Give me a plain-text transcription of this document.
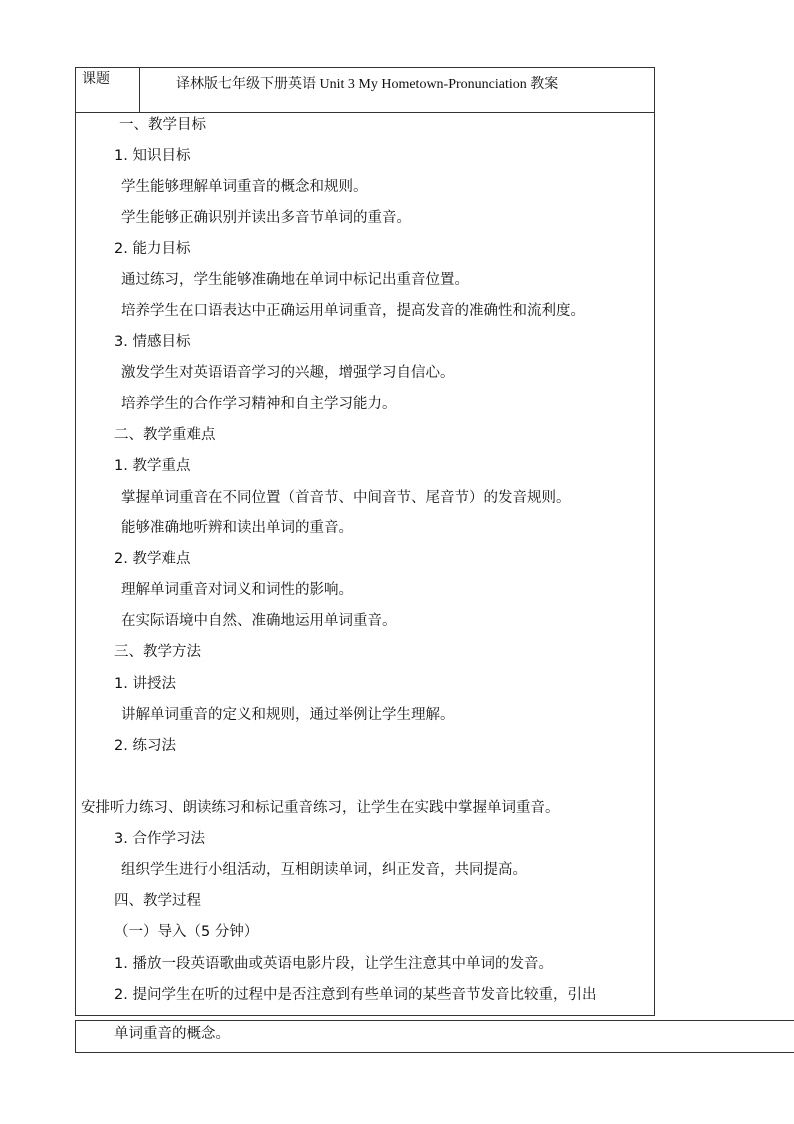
课题	译林版七年级下册英语 Unit 3 My Hometown-Pronunciation 教案
一、教学目标
1. 知识目标
学生能够理解单词重音的概念和规则。
学生能够正确识别并读出多音节单词的重音。
2. 能力目标
通过练习，学生能够准确地在单词中标记出重音位置。
培养学生在口语表达中正确运用单词重音，提高发音的准确性和流利度。
3. 情感目标
激发学生对英语语音学习的兴趣，增强学习自信心。
培养学生的合作学习精神和自主学习能力。
二、教学重难点
1. 教学重点
掌握单词重音在不同位置（首音节、中间音节、尾音节）的发音规则。
能够准确地听辨和读出单词的重音。
2. 教学难点
理解单词重音对词义和词性的影响。
在实际语境中自然、准确地运用单词重音。
三、教学方法
1. 讲授法
讲解单词重音的定义和规则，通过举例让学生理解。
2. 练习法
安排听力练习、朗读练习和标记重音练习，让学生在实践中掌握单词重音。
3. 合作学习法
组织学生进行小组活动，互相朗读单词，纠正发音，共同提高。
四、教学过程
（一）导入（5 分钟）
1. 播放一段英语歌曲或英语电影片段，让学生注意其中单词的发音。
2. 提问学生在听的过程中是否注意到有些单词的某些音节发音比较重，引出
单词重音的概念。
